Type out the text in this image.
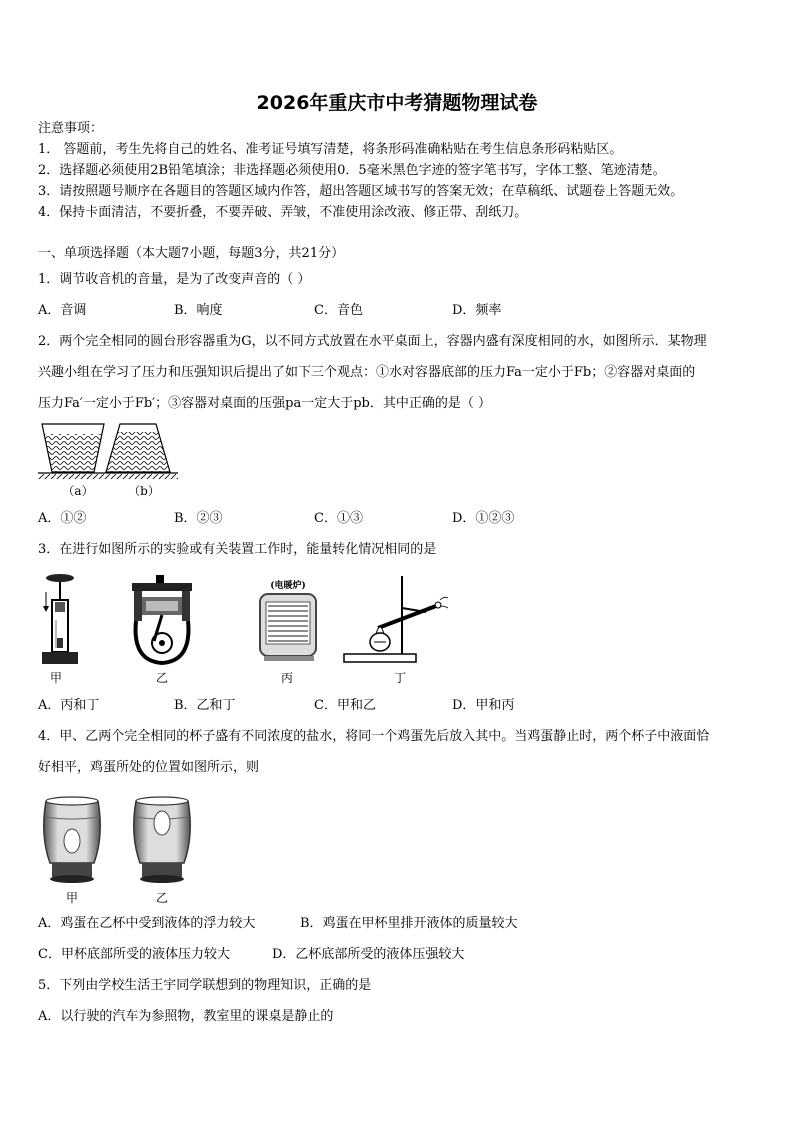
2026年重庆市中考猜题物理试卷
注意事项：
1． 答题前，考生先将自己的姓名、准考证号填写清楚，将条形码准确粘贴在考生信息条形码粘贴区。
2．选择题必须使用2B铅笔填涂；非选择题必须使用0．5毫米黑色字迹的签字笔书写，字体工整、笔迹清楚。
3．请按照题号顺序在各题目的答题区域内作答，超出答题区域书写的答案无效；在草稿纸、试题卷上答题无效。
4．保持卡面清洁，不要折叠，不要弄破、弄皱，不准使用涂改液、修正带、刮纸刀。
一、单项选择题（本大题7小题，每题3分，共21分）
1．调节收音机的音量，是为了改变声音的（ ）
A．音调	B．响度	C．音色	D．频率
2．两个完全相同的圆台形容器重为G，以不同方式放置在水平桌面上，容器内盛有深度相同的水，如图所示．某物理
兴趣小组在学习了压力和压强知识后提出了如下三个观点：①水对容器底部的压力Fa一定小于Fb；②容器对桌面的
压力Fa′一定小于Fb′；③容器对桌面的压强pa一定大于pb．其中正确的是（ ）
（a）	（b）
A．①②	B．②③	C．①③	D．①②③
3．在进行如图所示的实验或有关装置工作时，能量转化情况相同的是
(电暖炉)
甲	乙	丙	丁
A．丙和丁	B．乙和丁	C．甲和乙	D．甲和丙
4．甲、乙两个完全相同的杯子盛有不同浓度的盐水，将同一个鸡蛋先后放入其中。当鸡蛋静止时，两个杯子中液面恰
好相平，鸡蛋所处的位置如图所示，则
甲	乙
A．鸡蛋在乙杯中受到液体的浮力较大	B．鸡蛋在甲杯里排开液体的质量较大
C．甲杯底部所受的液体压力较大	D．乙杯底部所受的液体压强较大
5．下列由学校生活王宇同学联想到的物理知识，正确的是
A．以行驶的汽车为参照物，教室里的课桌是静止的
